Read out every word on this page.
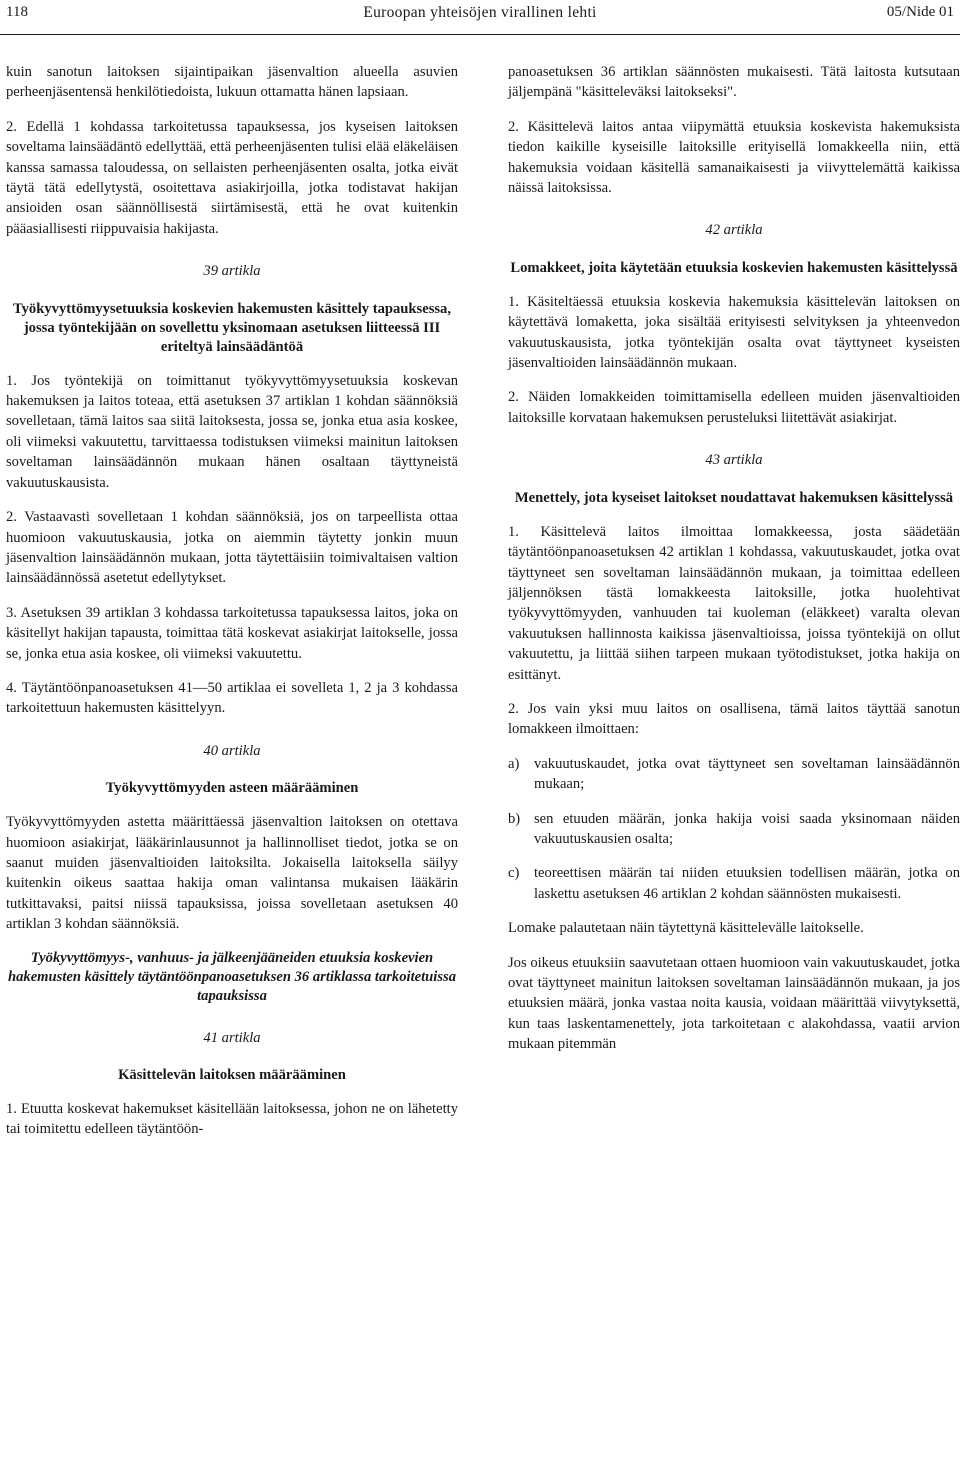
118	Euroopan yhteisöjen virallinen lehti	05/Nide 01

kuin sanotun laitoksen sijaintipaikan jäsenvaltion alueella asuvien perheenjäsentensä henkilötiedoista, lukuun ottamatta hänen lapsiaan.

2. Edellä 1 kohdassa tarkoitetussa tapauksessa, jos kyseisen laitoksen soveltama lainsäädäntö edellyttää, että perheenjäsenten tulisi elää eläkeläisen kanssa samassa taloudessa, on sellaisten perheenjäsenten osalta, jotka eivät täytä tätä edellytystä, osoitettava asiakirjoilla, jotka todistavat hakijan ansioiden osan säännöllisestä siirtämisestä, että he ovat kuitenkin pääasiallisesti riippuvaisia hakijasta.

39 artikla
Työkyvyttömyysetuuksia koskevien hakemusten käsittely tapauksessa, jossa työntekijään on sovellettu yksinomaan asetuksen liitteessä III eriteltyä lainsäädäntöä

1. Jos työntekijä on toimittanut työkyvyttömyysetuuksia koskevan hakemuksen ja laitos toteaa, että asetuksen 37 artiklan 1 kohdan säännöksiä sovelletaan, tämä laitos saa siitä laitoksesta, jossa se, jonka etua asia koskee, oli viimeksi vakuutettu, tarvittaessa todistuksen viimeksi mainitun laitoksen soveltaman lainsäädännön mukaan hänen osaltaan täyttyneistä vakuutuskausista.

2. Vastaavasti sovelletaan 1 kohdan säännöksiä, jos on tarpeellista ottaa huomioon vakuutuskausia, jotka on aiemmin täytetty jonkin muun jäsenvaltion lainsäädännön mukaan, jotta täytettäisiin toimivaltaisen valtion lainsäädännössä asetetut edellytykset.

3. Asetuksen 39 artiklan 3 kohdassa tarkoitetussa tapauksessa laitos, joka on käsitellyt hakijan tapausta, toimittaa tätä koskevat asiakirjat laitokselle, jossa se, jonka etua asia koskee, oli viimeksi vakuutettu.

4. Täytäntöönpanoasetuksen 41—50 artiklaa ei sovelleta 1, 2 ja 3 kohdassa tarkoitettuun hakemusten käsittelyyn.

40 artikla
Työkyvyttömyyden asteen määrääminen

Työkyvyttömyyden astetta määrittäessä jäsenvaltion laitoksen on otettava huomioon asiakirjat, lääkärinlausunnot ja hallinnolliset tiedot, jotka se on saanut muiden jäsenvaltioiden laitoksilta. Jokaisella laitoksella säilyy kuitenkin oikeus saattaa hakija oman valintansa mukaisen lääkärin tutkittavaksi, paitsi niissä tapauksissa, joissa sovelletaan asetuksen 40 artiklan 3 kohdan säännöksiä.

Työkyvyttömyys-, vanhuus- ja jälkeenjääneiden etuuksia koskevien hakemusten käsittely täytäntöönpanoasetuksen 36 artiklassa tarkoitetuissa tapauksissa
41 artikla
Käsittelevän laitoksen määrääminen

1. Etuutta koskevat hakemukset käsitellään laitoksessa, johon ne on lähetetty tai toimitettu edelleen täytäntöön-

panoasetuksen 36 artiklan säännösten mukaisesti. Tätä laitosta kutsutaan jäljempänä "käsitteleväksi laitokseksi".

2. Käsittelevä laitos antaa viipymättä etuuksia koskevista hakemuksista tiedon kaikille kyseisille laitoksille erityisellä lomakkeella niin, että hakemuksia voidaan käsitellä samanaikaisesti ja viivyttelemättä kaikissa näissä laitoksissa.

42 artikla
Lomakkeet, joita käytetään etuuksia koskevien hakemusten käsittelyssä

1. Käsiteltäessä etuuksia koskevia hakemuksia käsittelevän laitoksen on käytettävä lomaketta, joka sisältää erityisesti selvityksen ja yhteenvedon vakuutuskausista, jotka työntekijän osalta ovat täyttyneet kyseisten jäsenvaltioiden lainsäädännön mukaan.

2. Näiden lomakkeiden toimittamisella edelleen muiden jäsenvaltioiden laitoksille korvataan hakemuksen perusteluksi liitettävät asiakirjat.

43 artikla
Menettely, jota kyseiset laitokset noudattavat hakemuksen käsittelyssä

1. Käsittelevä laitos ilmoittaa lomakkeessa, josta säädetään täytäntöönpanoasetuksen 42 artiklan 1 kohdassa, vakuutuskaudet, jotka ovat täyttyneet sen soveltaman lainsäädännön mukaan, ja toimittaa edelleen jäljennöksen tästä lomakkeesta laitoksille, jotka huolehtivat työkyvyttömyyden, vanhuuden tai kuoleman (eläkkeet) varalta olevan vakuutuksen hallinnosta kaikissa jäsenvaltioissa, joissa työntekijä on ollut vakuutettu, ja liittää siihen tarpeen mukaan työtodistukset, jotka hakija on esittänyt.

2. Jos vain yksi muu laitos on osallisena, tämä laitos täyttää sanotun lomakkeen ilmoittaen:

a)	vakuutuskaudet, jotka ovat täyttyneet sen soveltaman lainsäädännön mukaan;
b) sen etuuden määrän, jonka hakija voisi saada yksinomaan näiden vakuutuskausien osalta;
c)	teoreettisen määrän tai niiden etuuksien todellisen määrän, jotka on laskettu asetuksen 46 artiklan 2 kohdan säännösten mukaisesti.

Lomake palautetaan näin täytettynä käsittelevälle laitokselle.

Jos oikeus etuuksiin saavutetaan ottaen huomioon vain vakuutuskaudet, jotka ovat täyttyneet mainitun laitoksen soveltaman lainsäädännön mukaan, ja jos etuuksien määrä, jonka vastaa noita kausia, voidaan määrittää viivytyksettä, kun taas laskentamenettely, jota tarkoitetaan c alakohdassa, vaatii arvion mukaan pitemmän
